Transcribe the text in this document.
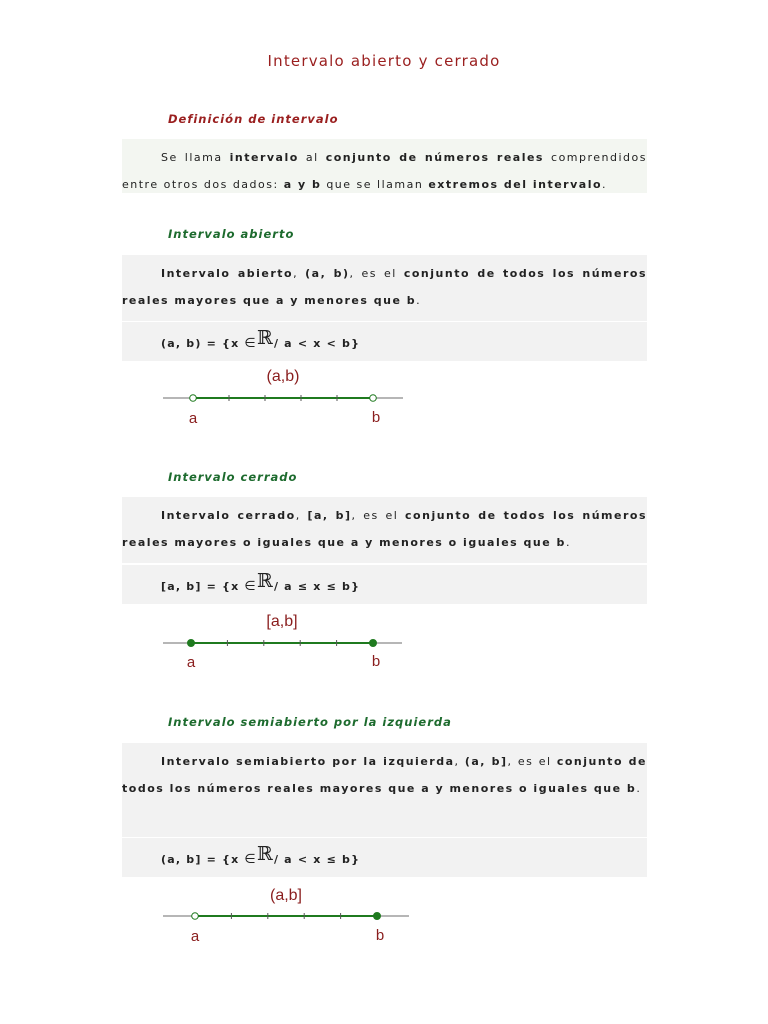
Intervalo abierto y cerrado
Definición de intervalo

Se llama intervalo al conjunto de números reales comprendidos entre otros dos dados: a y b que se llaman extremos del intervalo.

Intervalo abierto

Intervalo abierto, (a, b), es el conjunto de todos los números reales mayores que a y menores que b.

(a, b) = {x ∈ℝ/ a < x < b}
Intervalo cerrado

Intervalo cerrado, [a, b], es el conjunto de todos los números reales mayores o iguales que a y menores o iguales que b.

[a, b] = {x ∈ℝ/ a ≤ x ≤ b}
Intervalo semiabierto por la izquierda

Intervalo semiabierto por la izquierda, (a, b], es el conjunto de todos los números reales mayores que a y menores o iguales que b.

(a, b] = {x ∈ℝ/ a < x ≤ b}
(a,b)
a	b
[a,b]
a	b
(a,b]
a	b
